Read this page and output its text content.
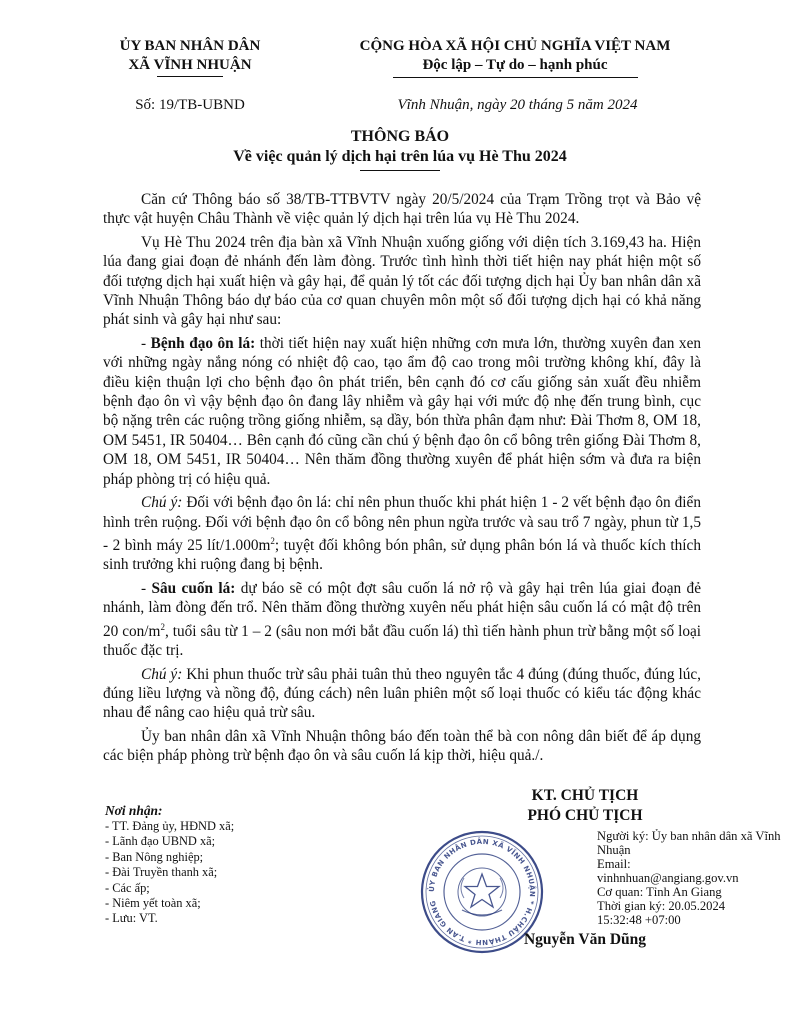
ỦY BAN NHÂN DÂN
XÃ VĨNH NHUẬN
CỘNG HÒA XÃ HỘI CHỦ NGHĨA VIỆT NAM
Độc lập – Tự do – hạnh phúc
Số: 19/TB-UBND	Vĩnh Nhuận, ngày 20 tháng 5 năm 2024
THÔNG BÁO
Về việc quản lý dịch hại trên lúa vụ Hè Thu 2024

Căn cứ Thông báo số 38/TB-TTBVTV ngày 20/5/2024 của Trạm Trồng trọt và Bảo vệ thực vật huyện Châu Thành về việc quản lý dịch hại trên lúa vụ Hè Thu 2024.

Vụ Hè Thu 2024 trên địa bàn xã Vĩnh Nhuận xuống giống với diện tích 3.169,43 ha. Hiện lúa đang giai đoạn đẻ nhánh đến làm đòng. Trước tình hình thời tiết hiện nay phát hiện một số đối tượng dịch hại xuất hiện và gây hại, để quản lý tốt các đối tượng dịch hại Ủy ban nhân dân xã Vĩnh Nhuận Thông báo dự báo của cơ quan chuyên môn một số đối tượng dịch hại có khả năng phát sinh và gây hại như sau:

- Bệnh đạo ôn lá: thời tiết hiện nay xuất hiện những cơn mưa lớn, thường xuyên đan xen với những ngày nắng nóng có nhiệt độ cao, tạo ẩm độ cao trong môi trường không khí, đây là điều kiện thuận lợi cho bệnh đạo ôn phát triển, bên cạnh đó cơ cấu giống sản xuất đều nhiễm bệnh đạo ôn vì vậy bệnh đạo ôn đang lây nhiễm và gây hại với mức độ nhẹ đến trung bình, cục bộ nặng trên các ruộng trồng giống nhiễm, sạ dầy, bón thừa phân đạm như: Đài Thơm 8, OM 18, OM 5451, IR 50404… Bên cạnh đó cũng cần chú ý bệnh đạo ôn cổ bông trên giống Đài Thơm 8, OM 18, OM 5451, IR 50404… Nên thăm đồng thường xuyên để phát hiện sớm và đưa ra biện pháp phòng trị có hiệu quả.

Chú ý: Đối với bệnh đạo ôn lá: chỉ nên phun thuốc khi phát hiện 1 - 2 vết bệnh đạo ôn điển hình trên ruộng. Đối với bệnh đạo ôn cổ bông nên phun ngừa trước và sau trổ 7 ngày, phun từ 1,5 - 2 bình máy 25 lít/$1.000m^2$; tuyệt đối không bón phân, sử dụng phân bón lá và thuốc kích thích sinh trưởng khi ruộng đang bị bệnh.

- Sâu cuốn lá: dự báo sẽ có một đợt sâu cuốn lá nở rộ và gây hại trên lúa giai đoạn đẻ nhánh, làm đòng đến trổ. Nên thăm đồng thường xuyên nếu phát hiện sâu cuốn lá có mật độ trên 20 con/$m^2$, tuổi sâu từ 1 – 2 (sâu non mới bắt đầu cuốn lá) thì tiến hành phun trừ bằng một số loại thuốc đặc trị.

Chú ý: Khi phun thuốc trừ sâu phải tuân thủ theo nguyên tắc 4 đúng (đúng thuốc, đúng lúc, đúng liều lượng và nồng độ, đúng cách) nên luân phiên một số loại thuốc có kiểu tác động khác nhau để nâng cao hiệu quả trừ sâu.

Ủy ban nhân dân xã Vĩnh Nhuận thông báo đến toàn thể bà con nông dân biết để áp dụng các biện pháp phòng trừ bệnh đạo ôn và sâu cuốn lá kịp thời, hiệu quả./.

Nơi nhận:
- TT. Đảng ủy, HĐND xã;
- Lãnh đạo UBND xã;
- Ban Nông nghiệp;
- Đài Truyền thanh xã;
- Các ấp;
- Niêm yết toàn xã;
- Lưu: VT.
KT. CHỦ TỊCH
PHÓ CHỦ TỊCH
ỦY BAN NHÂN DÂN XÃ VĨNH NHUẬN * H.CHÂU THÀNH * T.AN GIANG
Người ký: Ủy ban nhân dân xã Vĩnh Nhuận
Email:
vinhnhuan@angiang.gov.vn
Cơ quan: Tỉnh An Giang
Thời gian ký: 20.05.2024
15:32:48 +07:00
Nguyễn Văn Dũng
